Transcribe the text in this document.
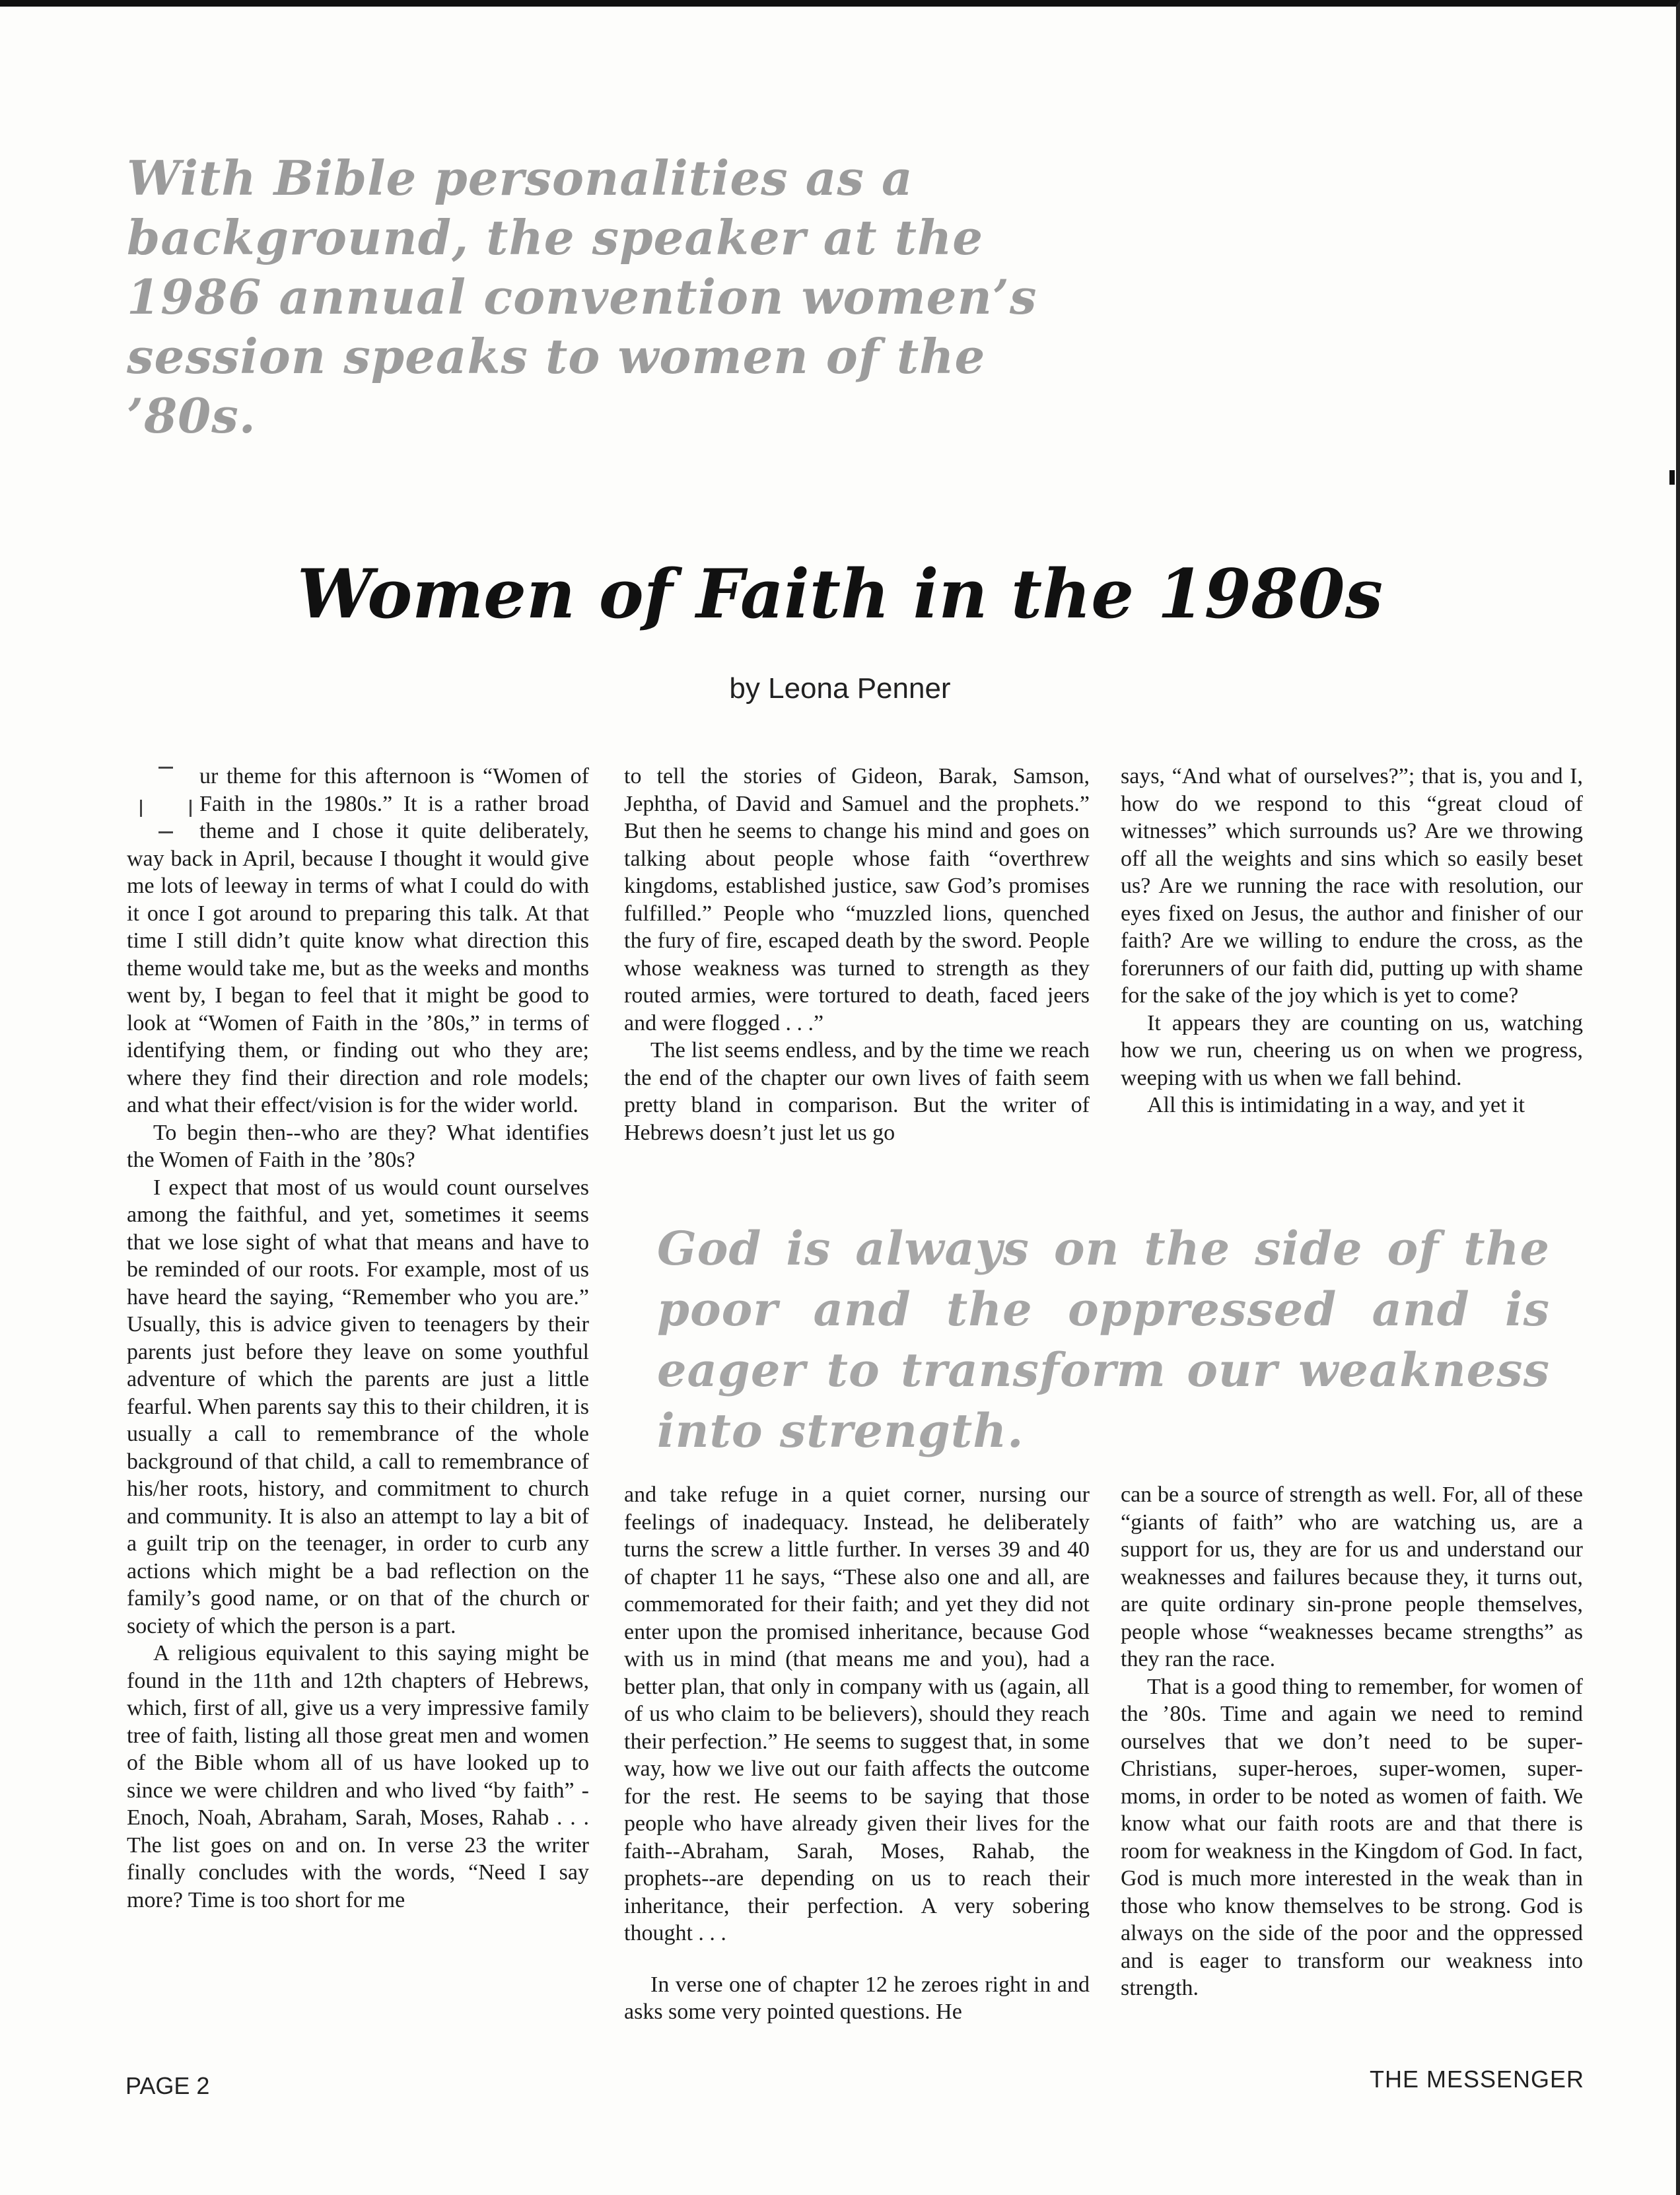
With Bible personalities as a background, the speaker at the 1986 annual convention women’s session speaks to women of the ’80s.

Women of Faith in the 1980s
by Leona Penner

ur theme for this afternoon is “Women of Faith in the 1980s.” It is a rather broad theme and I chose it quite deliberately, way back in April, because I thought it would give me lots of leeway in terms of what I could do with it once I got around to preparing this talk. At that time I still didn’t quite know what direction this theme would take me, but as the weeks and months went by, I began to feel that it might be good to look at “Women of Faith in the ’80s,” in terms of identifying them, or finding out who they are; where they find their direction and role models; and what their effect/vision is for the wider world.

To begin then--who are they? What identifies the Women of Faith in the ’80s?

I expect that most of us would count ourselves among the faithful, and yet, sometimes it seems that we lose sight of what that means and have to be reminded of our roots. For example, most of us have heard the saying, “Remember who you are.” Usually, this is advice given to teenagers by their parents just before they leave on some youthful adventure of which the parents are just a little fearful. When parents say this to their children, it is usually a call to remembrance of the whole background of that child, a call to remembrance of his/her roots, history, and commitment to church and community. It is also an attempt to lay a bit of a guilt trip on the teenager, in order to curb any actions which might be a bad reflection on the family’s good name, or on that of the church or society of which the person is a part.

A religious equivalent to this saying might be found in the 11th and 12th chapters of Hebrews, which, first of all, give us a very impressive family tree of faith, listing all those great men and women of the Bible whom all of us have looked up to since we were children and who lived “by faith” - Enoch, Noah, Abraham, Sarah, Moses, Rahab . . . The list goes on and on. In verse 23 the writer finally concludes with the words, “Need I say more? Time is too short for me

to tell the stories of Gideon, Barak, Samson, Jephtha, of David and Samuel and the prophets.” But then he seems to change his mind and goes on talking about people whose faith “overthrew kingdoms, established justice, saw God’s promises fulfilled.” People who “muzzled lions, quenched the fury of fire, escaped death by the sword. People whose weakness was turned to strength as they routed armies, were tortured to death, faced jeers and were flogged . . .”

The list seems endless, and by the time we reach the end of the chapter our own lives of faith seem pretty bland in comparison. But the writer of Hebrews doesn’t just let us go

says, “And what of ourselves?”; that is, you and I, how do we respond to this “great cloud of witnesses” which surrounds us? Are we throwing off all the weights and sins which so easily beset us? Are we running the race with resolution, our eyes fixed on Jesus, the author and finisher of our faith? Are we willing to endure the cross, as the forerunners of our faith did, putting up with shame for the sake of the joy which is yet to come?

It appears they are counting on us, watching how we run, cheering us on when we progress, weeping with us when we fall behind.

All this is intimidating in a way, and yet it

God is always on the side of the poor and the oppressed and is eager to transform our weakness into strength.

and take refuge in a quiet corner, nursing our feelings of inadequacy. Instead, he deliberately turns the screw a little further. In verses 39 and 40 of chapter 11 he says, “These also one and all, are commemorated for their faith; and yet they did not enter upon the promised inheritance, because God with us in mind (that means me and you), had a better plan, that only in company with us (again, all of us who claim to be believers), should they reach their perfection.” He seems to suggest that, in some way, how we live out our faith affects the outcome for the rest. He seems to be saying that those people who have already given their lives for the faith--Abraham, Sarah, Moses, Rahab, the prophets--are depending on us to reach their inheritance, their perfection. A very sobering thought . . .

In verse one of chapter 12 he zeroes right in and asks some very pointed questions. He

can be a source of strength as well. For, all of these “giants of faith” who are watching us, are a support for us, they are for us and understand our weaknesses and failures because they, it turns out, are quite ordinary sin-prone people themselves, people whose “weaknesses became strengths” as they ran the race.

That is a good thing to remember, for women of the ’80s. Time and again we need to remind ourselves that we don’t need to be super-Christians, super-heroes, super-women, super-moms, in order to be noted as women of faith. We know what our faith roots are and that there is room for weakness in the Kingdom of God. In fact, God is much more interested in the weak than in those who know themselves to be strong. God is always on the side of the poor and the oppressed and is eager to transform our weakness into strength.

PAGE 2	THE MESSENGER
